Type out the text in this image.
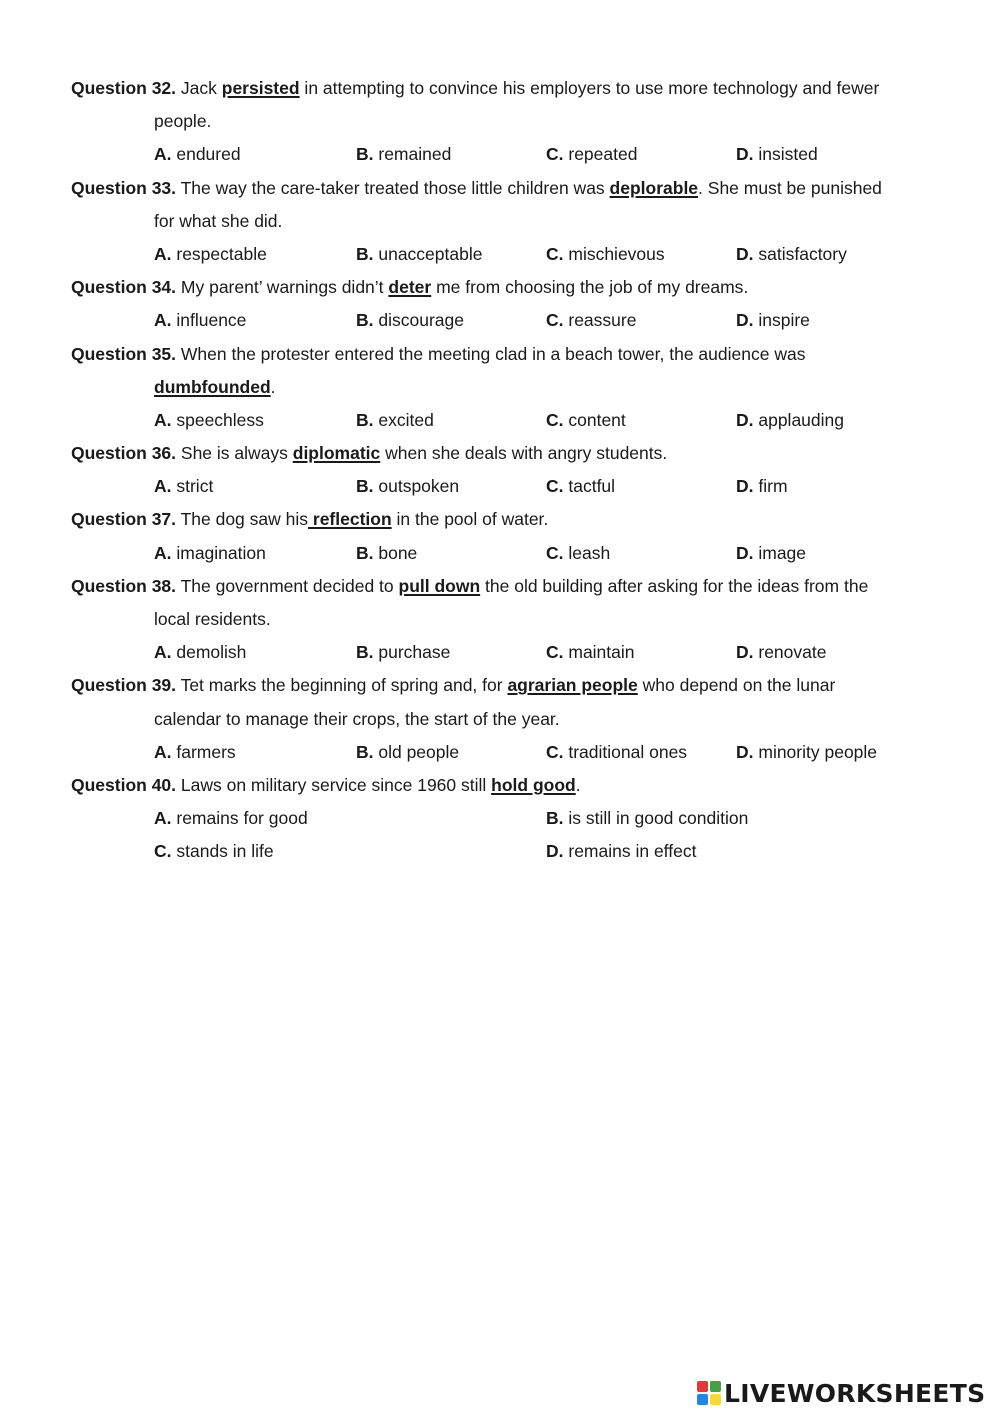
Question 32. Jack persisted in attempting to convince his employers to use more technology and fewer
people.
A. endured	B. remained	C. repeated	D. insisted
Question 33. The way the care-taker treated those little children was deplorable. She must be punished
for what she did.
A. respectable	B. unacceptable	C. mischievous	D. satisfactory
Question 34. My parent’ warnings didn’t deter me from choosing the job of my dreams.
A. influence	B. discourage	C. reassure	D. inspire
Question 35. When the protester entered the meeting clad in a beach tower, the audience was
dumbfounded.
A. speechless	B. excited	C. content	D. applauding
Question 36. She is always diplomatic when she deals with angry students.
A. strict	B. outspoken	C. tactful	D. firm
Question 37. The dog saw his reflection in the pool of water.
A. imagination	B. bone	C. leash	D. image
Question 38. The government decided to pull down the old building after asking for the ideas from the
local residents.
A. demolish	B. purchase	C. maintain	D. renovate
Question 39. Tet marks the beginning of spring and, for agrarian people who depend on the lunar
calendar to manage their crops, the start of the year.
A. farmers	B. old people	C. traditional ones	D. minority people
Question 40. Laws on military service since 1960 still hold good.
A. remains for good	B. is still in good condition
C. stands in life	D. remains in effect
LIVEWORKSHEETS
